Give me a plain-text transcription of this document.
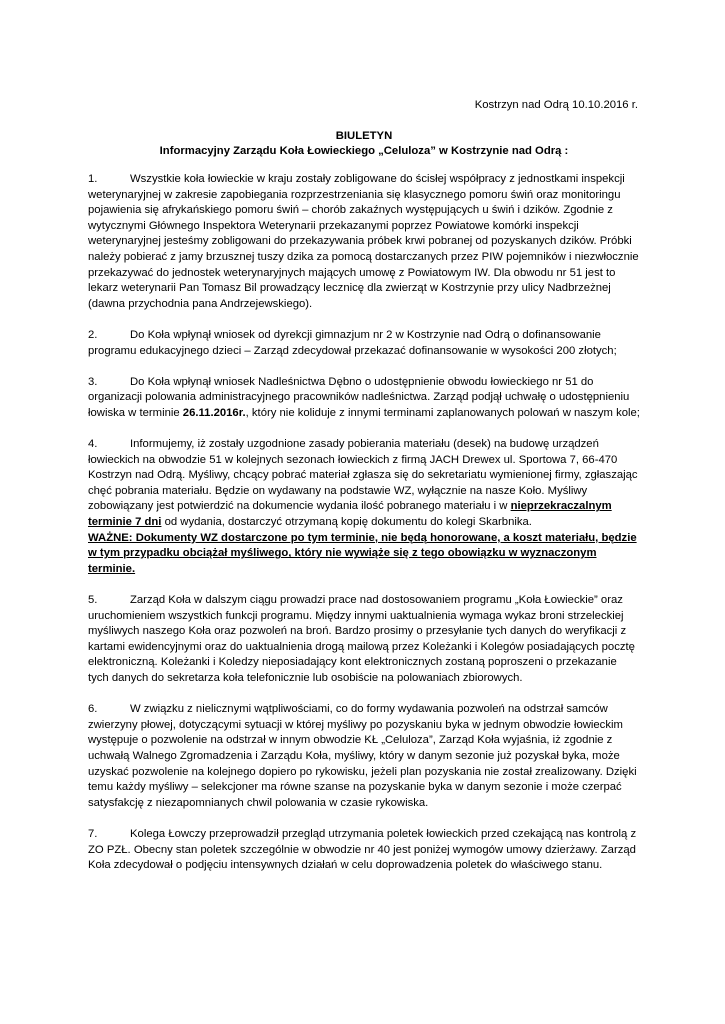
Kostrzyn nad Odrą 10.10.2016 r.
BIULETYN
Informacyjny Zarządu Koła Łowieckiego „Celuloza” w Kostrzynie nad Odrą :

1.	Wszystkie koła łowieckie w kraju zostały zobligowane do ścisłej współpracy z jednostkami inspekcji weterynaryjnej w zakresie zapobiegania rozprzestrzeniania się klasycznego pomoru świń oraz monitoringu pojawienia się afrykańskiego pomoru świń – chorób zakaźnych występujących u świń i dzików. Zgodnie z wytycznymi Głównego Inspektora Weterynarii przekazanymi poprzez Powiatowe komórki inspekcji weterynaryjnej jesteśmy zobligowani do przekazywania próbek krwi pobranej od pozyskanych dzików. Próbki należy pobierać z jamy brzusznej tuszy dzika za pomocą dostarczanych przez PIW pojemników i niezwłocznie przekazywać do jednostek weterynaryjnych mających umowę z Powiatowym IW. Dla obwodu nr 51 jest to lekarz weterynarii Pan Tomasz Bil prowadzący lecznicę dla zwierząt w Kostrzynie przy ulicy Nadbrzeżnej (dawna przychodnia pana Andrzejewskiego).

2.	Do Koła wpłynął wniosek od dyrekcji gimnazjum nr 2 w Kostrzynie nad Odrą o dofinansowanie programu edukacyjnego dzieci – Zarząd zdecydował przekazać dofinansowanie w wysokości 200 złotych;

3.	Do Koła wpłynął wniosek Nadleśnictwa Dębno o udostępnienie obwodu łowieckiego nr 51 do organizacji polowania administracyjnego pracowników nadleśnictwa. Zarząd podjął uchwałę o udostępnieniu łowiska w terminie 26.11.2016r., który nie koliduje z innymi terminami zaplanowanych polowań w naszym kole;

4.	Informujemy, iż zostały uzgodnione zasady pobierania materiału (desek) na budowę urządzeń łowieckich na obwodzie 51 w kolejnych sezonach łowieckich z firmą JACH Drewex ul. Sportowa 7, 66-470 Kostrzyn nad Odrą. Myśliwy, chcący pobrać materiał zgłasza się do sekretariatu wymienionej firmy, zgłaszając chęć pobrania materiału. Będzie on wydawany na podstawie WZ, wyłącznie na nasze Koło. Myśliwy zobowiązany jest potwierdzić na dokumencie wydania ilość pobranego materiału i w nieprzekraczalnym terminie 7 dni od wydania, dostarczyć otrzymaną kopię dokumentu do kolegi Skarbnika.

WAŻNE: Dokumenty WZ dostarczone po tym terminie, nie będą honorowane, a koszt materiału, będzie w tym przypadku obciążał myśliwego, który nie wywiąże się z tego obowiązku w wyznaczonym terminie.

5.	Zarząd Koła w dalszym ciągu prowadzi prace nad dostosowaniem programu „Koła Łowieckie” oraz uruchomieniem wszystkich funkcji programu. Między innymi uaktualnienia wymaga wykaz broni strzeleckiej myśliwych naszego Koła oraz pozwoleń na broń. Bardzo prosimy o przesyłanie tych danych do weryfikacji z kartami ewidencyjnymi oraz do uaktualnienia drogą mailową przez Koleżanki i Kolegów posiadających pocztę elektroniczną. Koleżanki i Koledzy nieposiadający kont elektronicznych zostaną poproszeni o przekazanie tych danych do sekretarza koła telefonicznie lub osobiście na polowaniach zbiorowych.

6.	W związku z nielicznymi wątpliwościami, co do formy wydawania pozwoleń na odstrzał samców zwierzyny płowej, dotyczącymi sytuacji w której myśliwy po pozyskaniu byka w jednym obwodzie łowieckim występuje o pozwolenie na odstrzał w innym obwodzie KŁ „Celuloza”, Zarząd Koła wyjaśnia, iż zgodnie z uchwałą Walnego Zgromadzenia i Zarządu Koła, myśliwy, który w danym sezonie już pozyskał byka, może uzyskać pozwolenie na kolejnego dopiero po rykowisku, jeżeli plan pozyskania nie został zrealizowany. Dzięki temu każdy myśliwy – selekcjoner ma równe szanse na pozyskanie byka w danym sezonie i może czerpać satysfakcję z niezapomnianych chwil polowania w czasie rykowiska.

7.	Kolega Łowczy przeprowadził przegląd utrzymania poletek łowieckich przed czekającą nas kontrolą z ZO PZŁ. Obecny stan poletek szczególnie w obwodzie nr 40 jest poniżej wymogów umowy dzierżawy. Zarząd Koła zdecydował o podjęciu intensywnych działań w celu doprowadzenia poletek do właściwego stanu.
